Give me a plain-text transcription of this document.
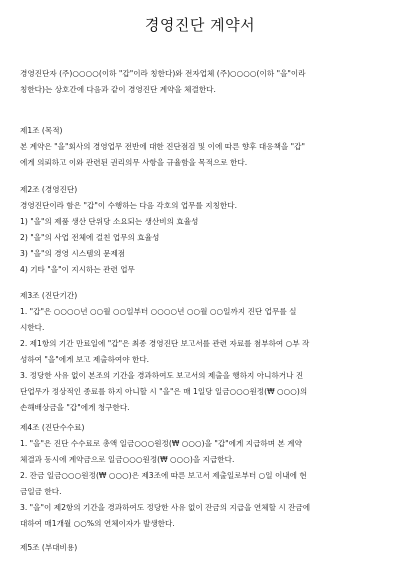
경영진단 계약서
경영진단자 (주)○○○○(이하 "갑"이라 칭한다)와 전자업체 (주)○○○○(이하 "을"이라
칭한다)는 상호간에 다음과 같이 경영진단 계약을 체결한다.
제1조 (목적)
본 계약은 "을"회사의 경영업무 전반에 대한 진단점검 및 이에 따른 향후 대응책을 "갑"
에게 의뢰하고 이와 관련된 권리의무 사항을 규율함을 목적으로 한다.
제2조 (경영진단)
경영진단이라 함은 "갑"이 수행하는 다음 각호의 업무를 지칭한다.
1) "을"의 제품 생산 단위당 소요되는 생산비의 효율성
2) "을"의 사업 전체에 걸친 업무의 효율성
3) "을"의 경영 시스템의 문제점
4) 기타 "을"이 지시하는 관련 업무
제3조 (진단기간)
1. "갑"은 ○○○○년 ○○월 ○○일부터 ○○○○년 ○○월 ○○일까지 진단 업무를 실
시한다.
2. 제1항의 기간 만료일에 "갑"은 최종 경영진단 보고서를 관련 자료를 첨부하여 ○부 작
성하여 "을"에게 보고 제출하여야 한다.
3. 정당한 사유 없이 본조의 기간을 경과하여도 보고서의 제출을 행하지 아니하거나 진
단업무가 정상적인 종료를 하지 아니할 시 "을"은 매 1일당 일금○○○원정(₩ ○○○)의
손해배상금을 "갑"에게 청구한다.
제4조 (진단수수료)
1. "을"은 진단 수수료로 총액 일금○○○원정(₩ ○○○)을 "갑"에게 지급하며 본 계약
체결과 동시에 계약금으로 일금○○○원정(₩ ○○○)을 지급한다.
2. 잔금 일금○○○원정(₩ ○○○)은 제3조에 따른 보고서 제출일로부터 ○일 이내에 현
금일금 한다.
3. "을"이 제2항의 기간을 경과하여도 정당한 사유 없이 잔금의 지급을 연체할 시 잔금에
대하여 매1개월 ○○%의 연체이자가 발생한다.
제5조 (부대비용)
